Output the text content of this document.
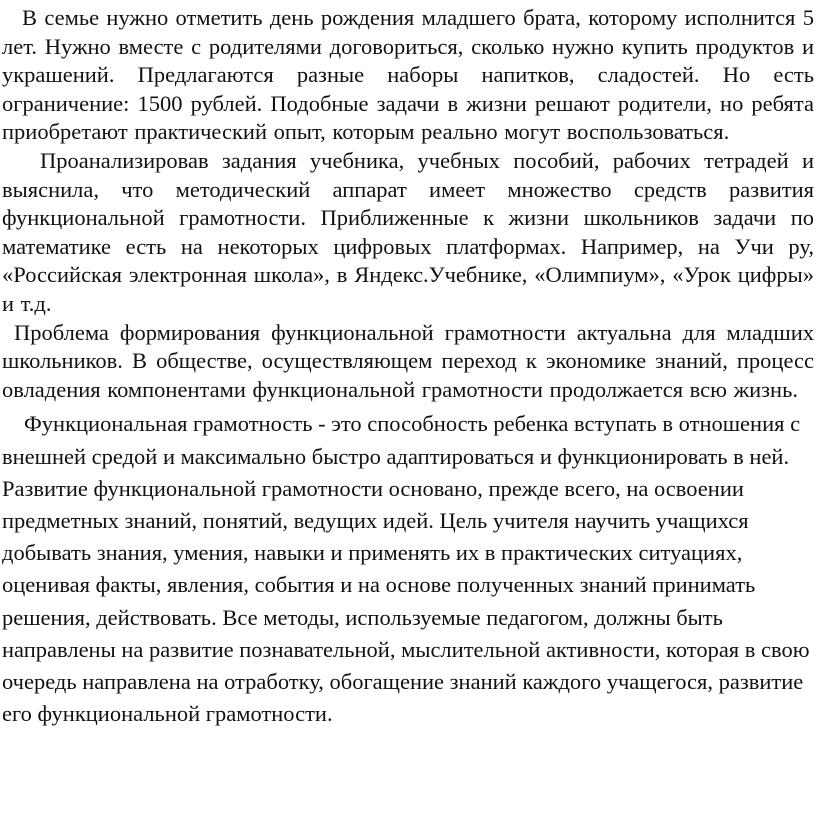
В семье нужно отметить день рождения младшего брата, которому исполнится 5 лет. Нужно вместе с родителями договориться, сколько нужно купить продуктов и украшений. Предлагаются разные наборы напитков, сладостей. Но есть ограничение: 1500 рублей. Подобные задачи в жизни решают родители, но ребята приобретают практический опыт, которым реально могут воспользоваться.

Проанализировав задания учебника, учебных пособий, рабочих тетрадей и выяснила, что методический аппарат имеет множество средств развития функциональной грамотности. Приближенные к жизни школьников задачи по математике есть на некоторых цифровых платформах. Например, на Учи ру, «Российская электронная школа», в Яндекс.Учебнике, «Олимпиум», «Урок цифры» и т.д.

Проблема формирования функциональной грамотности актуальна для младших школьников. В обществе, осуществляющем переход к экономике знаний, процесс овладения компонентами функциональной грамотности продолжается всю жизнь.

Функциональная грамотность - это способность ребенка вступать в отношения с внешней средой и максимально быстро адаптироваться и функционировать в ней. Развитие функциональной грамотности основано, прежде всего, на освоении предметных знаний, понятий, ведущих идей. Цель учителя научить учащихся добывать знания, умения, навыки и применять их в практических ситуациях, оценивая факты, явления, события и на основе полученных знаний принимать решения, действовать. Все методы, используемые педагогом, должны быть направлены на развитие познавательной, мыслительной активности, которая в свою очередь направлена на отработку, обогащение знаний каждого учащегося, развитие его функциональной грамотности.
